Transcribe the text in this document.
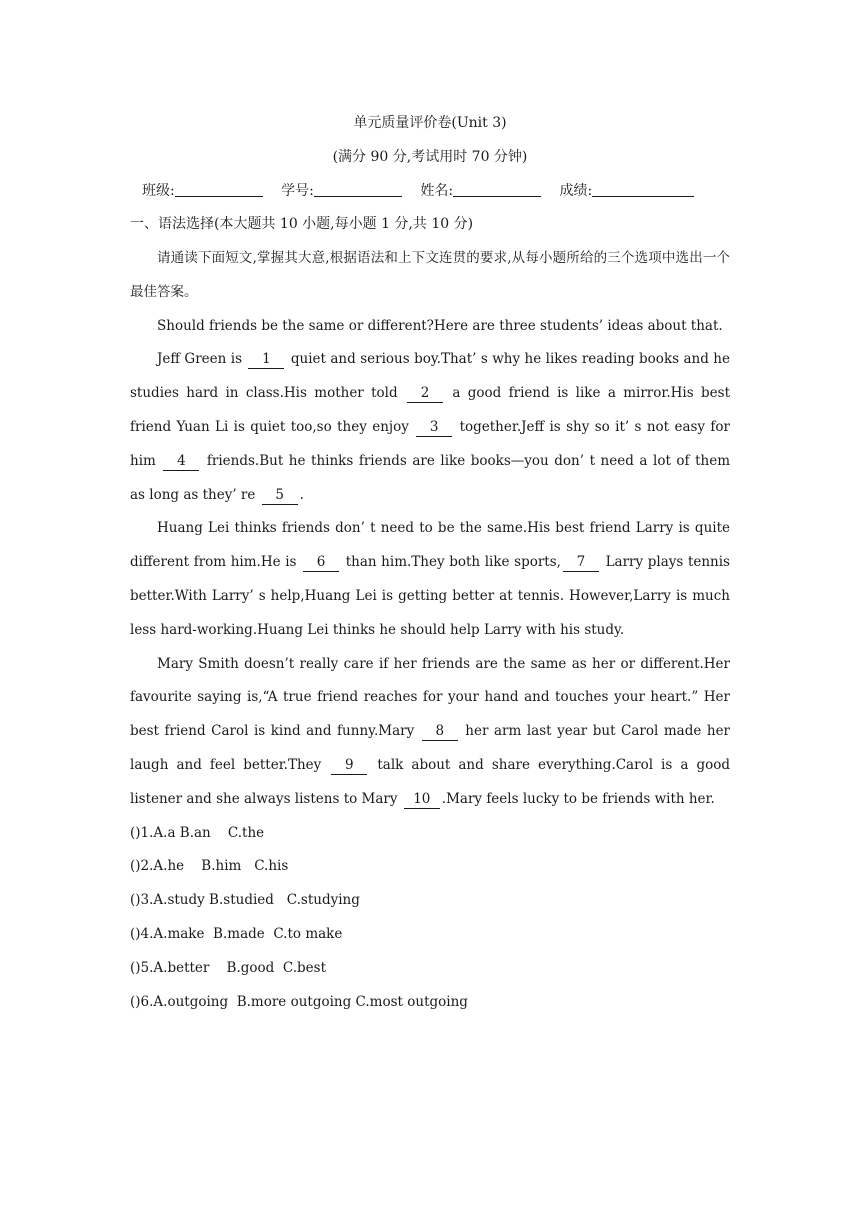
单元质量评价卷(Unit 3)
(满分 90 分,考试用时 70 分钟)
班级:	学号:	姓名:	成绩:
一、语法选择(本大题共 10 小题,每小题 1 分,共 10 分)

请通读下面短文,掌握其大意,根据语法和上下文连贯的要求,从每小题所给的三个选项中选出一个最佳答案。

Should friends be the same or different?Here are three students’ ideas about that.

Jeff Green is 1 quiet and serious boy.That’ s why he likes reading books and he studies hard in class.His mother told 2 a good friend is like a mirror.His best friend Yuan Li is quiet too,so they enjoy 3 together.Jeff is shy so it’ s not easy for him 4 friends.But he thinks friends are like books—you don’ t need a lot of them as long as they’ re 5 .

Huang Lei thinks friends don’ t need to be the same.His best friend Larry is quite different from him.He is 6 than him.They both like sports, 7 Larry plays tennis better.With Larry’ s help,Huang Lei is getting better at tennis. However,Larry is much less hard-working.Huang Lei thinks he should help Larry with his study.

Mary Smith doesn’t really care if her friends are the same as her or different.Her favourite saying is,“A true friend reaches for your hand and touches your heart.” Her best friend Carol is kind and funny.Mary 8 her arm last year but Carol made her laugh and feel better.They 9 talk about and share everything.Carol is a good listener and she always listens to Mary 10 .Mary feels lucky to be friends with her.

()1.A.a B.an    C.the

()2.A.he    B.him   C.his

()3.A.study B.studied   C.studying

()4.A.make  B.made  C.to make

()5.A.better    B.good  C.best

()6.A.outgoing  B.more outgoing C.most outgoing
